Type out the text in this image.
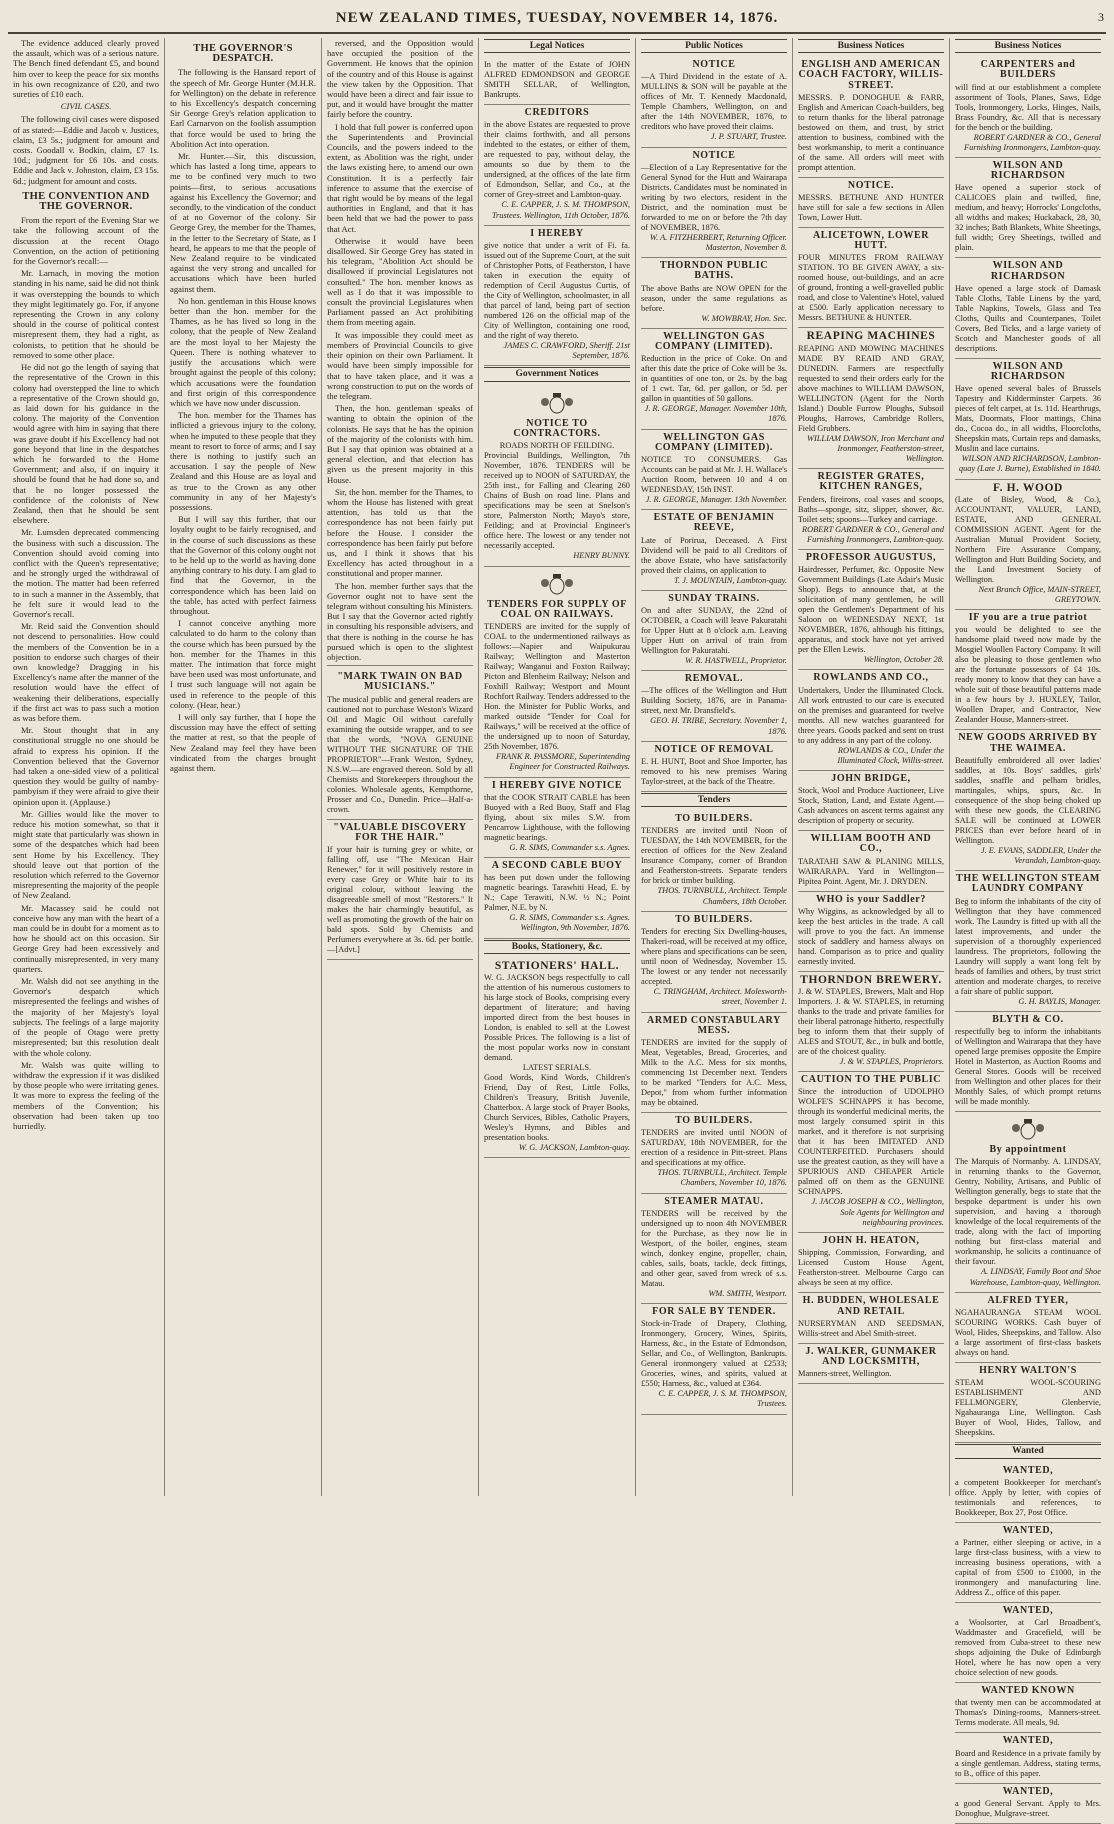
NEW ZEALAND TIMES, TUESDAY, NOVEMBER 14, 1876.	3

The evidence adduced clearly proved the assault, which was of a serious nature. The Bench fined defendant £5, and bound him over to keep the peace for six months in his own recognizance of £20, and two sureties of £10 each.

CIVIL CASES.

The following civil cases were disposed of as stated:—Eddie and Jacob v. Justices, claim, £3 5s.; judgment for amount and costs. Goodall v. Bodkin, claim, £7 1s. 10d.; judgment for £6 10s. and costs. Eddie and Jack v. Johnston, claim, £3 15s. 6d.; judgment for amount and costs.

THE CONVENTION AND THE GOVERNOR.

From the report of the Evening Star we take the following account of the discussion at the recent Otago Convention, on the action of petitioning for the Governor's recall:—

Mr. Larnach, in moving the motion standing in his name, said he did not think it was overstepping the bounds to which they might legitimately go. For, if anyone representing the Crown in any colony should in the course of political contest misrepresent them, they had a right, as colonists, to petition that he should be removed to some other place.

He did not go the length of saying that the representative of the Crown in this colony had overstepped the line to which a representative of the Crown should go, as laid down for his guidance in the colony. The majority of the Convention would agree with him in saying that there was grave doubt if his Excellency had not gone beyond that line in the despatches which he forwarded to the Home Government; and also, if on inquiry it should be found that he had done so, and that he no longer possessed the confidence of the colonists of New Zealand, then that he should be sent elsewhere.

Mr. Lumsden deprecated commencing the business with such a discussion. The Convention should avoid coming into conflict with the Queen's representative; and he strongly urged the withdrawal of the motion. The matter had been referred to in such a manner in the Assembly, that he felt sure it would lead to the Governor's recall.

Mr. Reid said the Convention should not descend to personalities. How could the members of the Convention be in a position to endorse such charges of their own knowledge? Dragging in his Excellency's name after the manner of the resolution would have the effect of weakening their deliberations, especially if the first act was to pass such a motion as was before them.

Mr. Stout thought that in any constitutional struggle no one should be afraid to express his opinion. If the Convention believed that the Governor had taken a one-sided view of a political question they would be guilty of namby-pambyism if they were afraid to give their opinion upon it. (Applause.)

Mr. Gillies would like the mover to reduce his motion somewhat, so that it might state that particularly was shown in some of the despatches which had been sent Home by his Excellency. They should leave out that portion of the resolution which referred to the Governor misrepresenting the majority of the people of New Zealand.

Mr. Macassey said he could not conceive how any man with the heart of a man could be in doubt for a moment as to how he should act on this occasion. Sir George Grey had been excessively and continually misrepresented, in very many quarters.

Mr. Walsh did not see anything in the Governor's despatch which misrepresented the feelings and wishes of the majority of her Majesty's loyal subjects. The feelings of a large majority of the people of Otago were pretty misrepresented; but this resolution dealt with the whole colony.

Mr. Walsh was quite willing to withdraw the expression if it was disliked by those people who were irritating genes. It was more to express the feeling of the members of the Convention; his observation had been taken up too hurriedly.

THE GOVERNOR'S DESPATCH.

The following is the Hansard report of the speech of Mr. George Hunter (M.H.R. for Wellington) on the debate in reference to his Excellency's despatch concerning Sir George Grey's relation application to Earl Carnarvon on the foolish assumption that force would be used to bring the Abolition Act into operation.

Mr. Hunter.—Sir, this discussion, which has lasted a long time, appears to me to be confined very much to two points—first, to serious accusations against his Excellency the Governor; and secondly, to the vindication of the conduct of at no Governor of the colony. Sir George Grey, the member for the Thames, in the letter to the Secretary of State, as I heard, he appears to me that the people of New Zealand require to be vindicated against the very strong and uncalled for accusations which have been hurled against them.

No hon. gentleman in this House knows better than the hon. member for the Thames, as he has lived so long in the colony, that the people of New Zealand are the most loyal to her Majesty the Queen. There is nothing whatever to justify the accusations which were brought against the people of this colony; which accusations were the foundation and first origin of this correspondence which we have now under discussion.

The hon. member for the Thames has inflicted a grievous injury to the colony, when he imputed to these people that they meant to resort to force of arms; and I say there is nothing to justify such an accusation. I say the people of New Zealand and this House are as loyal and as true to the Crown as any other community in any of her Majesty's possessions.

But I will say this further, that our loyalty ought to be fairly recognised, and in the course of such discussions as these that the Governor of this colony ought not to be held up to the world as having done anything contrary to his duty. I am glad to find that the Governor, in the correspondence which has been laid on the table, has acted with perfect fairness throughout.

I cannot conceive anything more calculated to do harm to the colony than the course which has been pursued by the hon. member for the Thames in this matter. The intimation that force might have been used was most unfortunate, and I trust such language will not again be used in reference to the people of this colony. (Hear, hear.)

I will only say further, that I hope the discussion may have the effect of setting the matter at rest, so that the people of New Zealand may feel they have been vindicated from the charges brought against them.

reversed, and the Opposition would have occupied the position of the Government. He knows that the opinion of the country and of this House is against the view taken by the Opposition. That would have been a direct and fair issue to put, and it would have brought the matter fairly before the country.

I hold that full power is conferred upon the Superintendents and Provincial Councils, and the powers indeed to the extent, as Abolition was the right, under the laws existing here, to amend our own Constitution. It is a perfectly fair inference to assume that the exercise of that right would be by means of the legal authorities in England, and that it has been held that we had the power to pass that Act.

Otherwise it would have been disallowed. Sir George Grey has stated in his telegram, "Abolition Act should be disallowed if provincial Legislatures not consulted." The hon. member knows as well as I do that it was impossible to consult the provincial Legislatures when Parliament passed an Act prohibiting them from meeting again.

It was impossible they could meet as members of Provincial Councils to give their opinion on their own Parliament. It would have been simply impossible for that to have taken place, and it was a wrong construction to put on the words of the telegram.

Then, the hon. gentleman speaks of wanting to obtain the opinion of the colonists. He says that he has the opinion of the majority of the colonists with him. But I say that opinion was obtained at a general election, and that election has given us the present majority in this House.

Sir, the hon. member for the Thames, to whom the House has listened with great attention, has told us that the correspondence has not been fairly put before the House. I consider the correspondence has been fairly put before us, and I think it shows that his Excellency has acted throughout in a constitutional and proper manner.

The hon. member further says that the Governor ought not to have sent the telegram without consulting his Ministers. But I say that the Governor acted rightly in consulting his responsible advisers, and that there is nothing in the course he has pursued which is open to the slightest objection.

"MARK TWAIN ON BAD MUSICIANS."
The musical public and general readers are cautioned not to purchase Weston's Wizard Oil and Magic Oil without carefully examining the outside wrapper, and to see that the words, "NOVA GENUINE WITHOUT THE SIGNATURE OF THE PROPRIETOR"—Frank Weston, Sydney, N.S.W.—are engraved thereon. Sold by all Chemists and Storekeepers throughout the colonies. Wholesale agents, Kempthorne, Prosser and Co., Dunedin. Price—Half-a-crown.
"VALUABLE DISCOVERY FOR THE HAIR."
If your hair is turning grey or white, or falling off, use "The Mexican Hair Renewer," for it will positively restore in every case Grey or White hair to its original colour, without leaving the disagreeable smell of most "Restorers." It makes the hair charmingly beautiful, as well as promoting the growth of the hair on bald spots. Sold by Chemists and Perfumers everywhere at 3s. 6d. per bottle.—[Advt.]
Legal Notices
In the matter of the Estate of JOHN ALFRED EDMONDSON and GEORGE SMITH SELLAR, of Wellington, Bankrupts.
CREDITORS
in the above Estates are requested to prove their claims forthwith, and all persons indebted to the estates, or either of them, are requested to pay, without delay, the amounts so due by them to the undersigned, at the offices of the late firm of Edmondson, Sellar, and Co., at the corner of Grey-street and Lambton-quay.
C. E. CAPPER, J. S. M. THOMPSON, Trustees. Wellington, 11th October, 1876.
I HEREBY
give notice that under a writ of Fi. fa. issued out of the Supreme Court, at the suit of Christopher Potts, of Featherston, I have taken in execution the equity of redemption of Cecil Augustus Curtis, of the City of Wellington, schoolmaster, in all that parcel of land, being part of section numbered 126 on the official map of the City of Wellington, containing one rood, and the right of way thereto.
JAMES C. CRAWFORD, Sheriff. 21st September, 1876.
Government Notices
NOTICE TO CONTRACTORS.
ROADS NORTH OF FEILDING.
Provincial Buildings, Wellington, 7th November, 1876. TENDERS will be received up to NOON of SATURDAY, the 25th inst., for Falling and Clearing 260 Chains of Bush on road line. Plans and specifications may be seen at Snelson's store, Palmerston North; Mayo's store, Feilding; and at Provincial Engineer's office here. The lowest or any tender not necessarily accepted.
HENRY BUNNY.
TENDERS FOR SUPPLY OF COAL ON RAILWAYS.
TENDERS are invited for the supply of COAL to the undermentioned railways as follows:—Napier and Waipukurau Railway; Wellington and Masterton Railway; Wanganui and Foxton Railway; Picton and Blenheim Railway; Nelson and Foxhill Railway; Westport and Mount Rochfort Railway. Tenders addressed to the Hon. the Minister for Public Works, and marked outside "Tender for Coal for Railways," will be received at the office of the undersigned up to noon of Saturday, 25th November, 1876.
FRANK R. PASSMORE, Superintending Engineer for Constructed Railways.
I HEREBY GIVE NOTICE
that the COOK STRAIT CABLE has been Buoyed with a Red Buoy, Staff and Flag flying, about six miles S.W. from Pencarrow Lighthouse, with the following magnetic bearings.
G. R. SIMS, Commander s.s. Agnes.
A SECOND CABLE BUOY
has been put down under the following magnetic bearings. Tarawhiti Head, E. by N.; Cape Terawiti, N.W. ½ N.; Point Palmer, N.E. by N.
G. R. SIMS, Commander s.s. Agnes. Wellington, 9th November, 1876.
Books, Stationery, &c.
STATIONERS' HALL.
W. G. JACKSON begs respectfully to call the attention of his numerous customers to his large stock of Books, comprising every department of literature; and having imported direct from the best houses in London, is enabled to sell at the Lowest Possible Prices. The following is a list of the most popular works now in constant demand.
LATEST SERIALS.
Good Words, Kind Words, Children's Friend, Day of Rest, Little Folks, Children's Treasury, British Juvenile, Chatterbox. A large stock of Prayer Books, Church Services, Bibles, Catholic Prayers, Wesley's Hymns, and Bibles and presentation books.
W. G. JACKSON, Lambton-quay.
Public Notices
NOTICE
—A Third Dividend in the estate of A. MULLINS & SON will be payable at the offices of Mr. T. Kennedy Macdonald, Temple Chambers, Wellington, on and after the 14th NOVEMBER, 1876, to creditors who have proved their claims.
J. P. STUART, Trustee.
NOTICE
—Election of a Lay Representative for the General Synod for the Hutt and Wairarapa Districts. Candidates must be nominated in writing by two electors, resident in the District, and the nomination must be forwarded to me on or before the 7th day of NOVEMBER, 1876.
W. A. FITZHERBERT, Returning Officer. Masterton, November 8.
THORNDON PUBLIC BATHS.
The above Baths are NOW OPEN for the season, under the same regulations as before.
W. MOWBRAY, Hon. Sec.
WELLINGTON GAS COMPANY (LIMITED).
Reduction in the price of Coke. On and after this date the price of Coke will be 3s. in quantities of one ton, or 2s. by the bag of 1 cwt. Tar, 6d. per gallon, or 5d. per gallon in quantities of 50 gallons.
J. R. GEORGE, Manager. November 10th, 1876.
WELLINGTON GAS COMPANY (LIMITED).
NOTICE TO CONSUMERS. Gas Accounts can be paid at Mr. J. H. Wallace's Auction Room, between 10 and 4 on WEDNESDAY, 15th INST.
J. R. GEORGE, Manager. 13th November.
ESTATE OF BENJAMIN REEVE,
Late of Porirua, Deceased. A First Dividend will be paid to all Creditors of the above Estate, who have satisfactorily proved their claims, on application to
T. J. MOUNTAIN, Lambton-quay.
SUNDAY TRAINS.
On and after SUNDAY, the 22nd of OCTOBER, a Coach will leave Pakuratahi for Upper Hutt at 8 o'clock a.m. Leaving Upper Hutt on arrival of train from Wellington for Pakuratahi.
W. R. HASTWELL, Proprietor.
REMOVAL.
—The offices of the Wellington and Hutt Building Society, 1876, are in Panama-street, next Mr. Dransfield's.
GEO. H. TRIBE, Secretary. November 1, 1876.
NOTICE OF REMOVAL
E. H. HUNT, Boot and Shoe Importer, has removed to his new premises Waring Taylor-street, at the back of the Theatre.
Tenders
TO BUILDERS.
TENDERS are invited until Noon of TUESDAY, the 14th NOVEMBER, for the erection of offices for the New Zealand Insurance Company, corner of Brandon and Featherston-streets. Separate tenders for brick or timber building.
THOS. TURNBULL, Architect. Temple Chambers, 18th October.
TO BUILDERS.
Tenders for erecting Six Dwelling-houses, Thakeri-road, will be received at my office, where plans and specifications can be seen, until noon of Wednesday, November 15. The lowest or any tender not necessarily accepted.
C. TRINGHAM, Architect. Molesworth-street, November 1.
ARMED CONSTABULARY MESS.
TENDERS are invited for the supply of Meat, Vegetables, Bread, Groceries, and Milk to the A.C. Mess for six months, commencing 1st December next. Tenders to be marked "Tenders for A.C. Mess, Depot," from whom further information may be obtained.
TO BUILDERS.
TENDERS are invited until NOON of SATURDAY, 18th NOVEMBER, for the erection of a residence in Pitt-street. Plans and specifications at my office.
THOS. TURNBULL, Architect. Temple Chambers, November 10, 1876.
STEAMER MATAU.
TENDERS will be received by the undersigned up to noon 4th NOVEMBER for the Purchase, as they now lie in Westport, of the boiler, engines, steam winch, donkey engine, propeller, chain, cables, sails, boats, tackle, deck fittings, and other gear, saved from wreck of s.s. Matau.
WM. SMITH, Westport.
FOR SALE BY TENDER.
Stock-in-Trade of Drapery, Clothing, Ironmongery, Grocery, Wines, Spirits, Harness, &c., in the Estate of Edmondson, Sellar, and Co., of Wellington, Bankrupts. General ironmongery valued at £2533; Groceries, wines, and spirits, valued at £550; Harness, &c., valued at £364.
C. E. CAPPER, J. S. M. THOMPSON, Trustees.
Business Notices
ENGLISH AND AMERICAN COACH FACTORY, WILLIS-STREET.
MESSRS. P. DONOGHUE & FARR, English and American Coach-builders, beg to return thanks for the liberal patronage bestowed on them, and trust, by strict attention to business, combined with the best workmanship, to merit a continuance of the same. All orders will meet with prompt attention.
NOTICE.
MESSRS. BETHUNE AND HUNTER have still for sale a few sections in Allen Town, Lower Hutt.
ALICETOWN, LOWER HUTT.
FOUR MINUTES FROM RAILWAY STATION. TO BE GIVEN AWAY, a six-roomed house, out-buildings, and an acre of ground, fronting a well-gravelled public road, and close to Valentine's Hotel, valued at £500. Early application necessary to Messrs. BETHUNE & HUNTER.
REAPING MACHINES
REAPING AND MOWING MACHINES MADE BY REAID AND GRAY, DUNEDIN. Farmers are respectfully requested to send their orders early for the above machines to WILLIAM DAWSON, WELLINGTON (Agent for the North Island.) Double Furrow Ploughs, Subsoil Ploughs, Harrows, Cambridge Rollers, Field Grubbers.
WILLIAM DAWSON, Iron Merchant and Ironmonger, Featherston-street, Wellington.
REGISTER GRATES, KITCHEN RANGES,
Fenders, fireirons, coal vases and scoops, Baths—sponge, sitz, slipper, shower, &c. Toilet sets; spoons—Turkey and carriage.
ROBERT GARDNER & CO., General and Furnishing Ironmongers, Lambton-quay.
PROFESSOR AUGUSTUS,
Hairdresser, Perfumer, &c. Opposite New Government Buildings (Late Adair's Music Shop). Begs to announce that, at the solicitation of many gentlemen, he will open the Gentlemen's Department of his Saloon on WEDNESDAY NEXT, 1st NOVEMBER, 1876, although his fittings, apparatus, and stock have not yet arrived per the Ellen Lewis.
Wellington, October 28.
ROWLANDS AND CO.,
Undertakers, Under the Illuminated Clock. All work entrusted to our care is executed on the premises and guaranteed for twelve months. All new watches guaranteed for three years. Goods packed and sent on trust to any address in any part of the colony.
ROWLANDS & CO., Under the Illuminated Clock, Willis-street.
JOHN BRIDGE,
Stock, Wool and Produce Auctioneer, Live Stock, Station, Land, and Estate Agent.—Cash advances on ascent terms against any description of property or security.
WILLIAM BOOTH AND CO.,
TARATAHI SAW & PLANING MILLS, WAIRARAPA. Yard in Wellington—Pipitea Point. Agent, Mr. J. DRYDEN.
WHO is your Saddler?
Why Wiggins, as acknowledged by all to keep the best articles in the trade. A call will prove to you the fact. An immense stock of saddlery and harness always on hand. Comparison as to price and quality earnestly invited.
THORNDON BREWERY.
J. & W. STAPLES, Brewers, Malt and Hop Importers. J. & W. STAPLES, in returning thanks to the trade and private families for their liberal patronage hitherto, respectfully beg to inform them that their supply of ALES and STOUT, &c., in bulk and bottle, are of the choicest quality.
J. & W. STAPLES, Proprietors.
CAUTION TO THE PUBLIC
Since the introduction of UDOLPHO WOLFE'S SCHNAPPS it has become, through its wonderful medicinal merits, the most largely consumed spirit in this market, and it therefore is not surprising that it has been IMITATED AND COUNTERFEITED. Purchasers should use the greatest caution, as they will have a SPURIOUS AND CHEAPER Article palmed off on them as the GENUINE SCHNAPPS.
J. JACOB JOSEPH & CO., Wellington, Sole Agents for Wellington and neighbouring provinces.
JOHN H. HEATON,
Shipping, Commission, Forwarding, and Licensed Custom House Agent, Featherston-street. Melbourne Cargo can always be seen at my office.
H. BUDDEN, WHOLESALE AND RETAIL
NURSERYMAN AND SEEDSMAN, Willis-street and Abel Smith-street.
J. WALKER, GUNMAKER AND LOCKSMITH,
Manners-street, Wellington.
Business Notices
CARPENTERS and BUILDERS
will find at our establishment a complete assortment of Tools, Planes, Saws, Edge Tools, Ironmongery, Locks, Hinges, Nails, Brass Foundry, &c. All that is necessary for the bench or the building.
ROBERT GARDNER & CO., General Furnishing Ironmongers, Lambton-quay.
WILSON AND RICHARDSON
Have opened a superior stock of CALICOES plain and twilled, fine, medium, and heavy; Horrocks' Longcloths, all widths and makes; Huckaback, 28, 30, 32 inches; Bath Blankets, White Sheetings, full width; Grey Sheetings, twilled and plain.
WILSON AND RICHARDSON
Have opened a large stock of Damask Table Cloths, Table Linens by the yard, Table Napkins, Towels, Glass and Tea Cloths, Quilts and Counterpanes, Toilet Covers, Bed Ticks, and a large variety of Scotch and Manchester goods of all descriptions.
WILSON AND RICHARDSON
Have opened several bales of Brussels Tapestry and Kidderminster Carpets. 36 pieces of felt carpet, at 1s. 11d. Hearthrugs, Mats, Doormats, Floor mattings, China do., Cocoa do., in all widths, Floorcloths, Sheepskin mats, Curtain reps and damasks, Muslin and lace curtains.
WILSON AND RICHARDSON, Lambton-quay (Late J. Burne), Established in 1840.
F. H. WOOD
(Late of Bisley, Wood, & Co.), ACCOUNTANT, VALUER, LAND, ESTATE, AND GENERAL COMMISSION AGENT. Agent for the Australian Mutual Provident Society, Northern Fire Assurance Company, Wellington and Hutt Building Society, and the Land Investment Society of Wellington.
Next Branch Office, MAIN-STREET, GREYTOWN.
IF you are a true patriot
you would be delighted to see the handsome plaid tweed now made by the Mosgiel Woollen Factory Company. It will also be pleasing to those gentlemen who are the fortunate possessors of £4 10s. ready money to know that they can have a whole suit of those beautiful patterns made in a few hours by J. HUXLEY, Tailor, Woollen Draper, and Contractor, New Zealander House, Manners-street.
NEW GOODS ARRIVED BY THE WAIMEA.
Beautifully embroidered all over ladies' saddles, at 10s. Boys' saddles, girls' saddles, snaffle and pelham bridles, martingales, whips, spurs, &c. In consequence of the shop being choked up with these new goods, the CLEARING SALE will be continued at LOWER PRICES than ever before heard of in Wellington.
J. E. EVANS, SADDLER, Under the Verandah, Lambton-quay.
THE WELLINGTON STEAM LAUNDRY COMPANY
Beg to inform the inhabitants of the city of Wellington that they have commenced work. The Laundry is fitted up with all the latest improvements, and under the supervision of a thoroughly experienced laundress. The proprietors, following the Laundry will supply a want long felt by heads of families and others, by trust strict attention and moderate charges, to receive a fair share of public support.
G. H. BAYLIS, Manager.
BLYTH & CO.
respectfully beg to inform the inhabitants of Wellington and Wairarapa that they have opened large premises opposite the Empire Hotel in Masterton, as Auction Rooms and General Stores. Goods will be received from Wellington and other places for their Monthly Sales, of which prompt returns will be made monthly.
By appointment
The Marquis of Normanby. A. LINDSAY, in returning thanks to the Governor, Gentry, Nobility, Artisans, and Public of Wellington generally, begs to state that the bespoke department is under his own supervision, and having a thorough knowledge of the local requirements of the trade, along with the fact of importing nothing but first-class material and workmanship, he solicits a continuance of their favour.
A. LINDSAY, Family Boot and Shoe Warehouse, Lambton-quay, Wellington.
ALFRED TYER,
NGAHAURANGA STEAM WOOL SCOURING WORKS. Cash buyer of Wool, Hides, Sheepskins, and Tallow. Also a large assortment of first-class baskets always on hand.
HENRY WALTON'S
STEAM WOOL-SCOURING ESTABLISHMENT AND FELLMONGERY, Glenbervie, Ngahauranga Line, Wellington. Cash Buyer of Wool, Hides, Tallow, and Sheepskins.
Wanted
WANTED,
a competent Bookkeeper for merchant's office. Apply by letter, with copies of testimonials and references, to Bookkeeper, Box 27, Post Office.
WANTED,
a Partner, either sleeping or active, in a large first-class business, with a view to increasing business operations, with a capital of from £500 to £1000, in the ironmongery and manufacturing line. Address Z., office of this paper.
WANTED,
a Woolsorter, at Carl Broadbent's, Waddmaster and Gracefield, will be removed from Cuba-street to these new shops adjoining the Duke of Edinburgh Hotel, where he has now open a very choice selection of new goods.
WANTED KNOWN
that twenty men can be accommodated at Thomas's Dining-rooms, Manners-street. Terms moderate. All meals, 9d.
WANTED,
Board and Residence in a private family by a single gentleman. Address, stating terms, to B., office of this paper.
WANTED,
a good General Servant. Apply to Mrs. Donoghue, Mulgrave-street.
